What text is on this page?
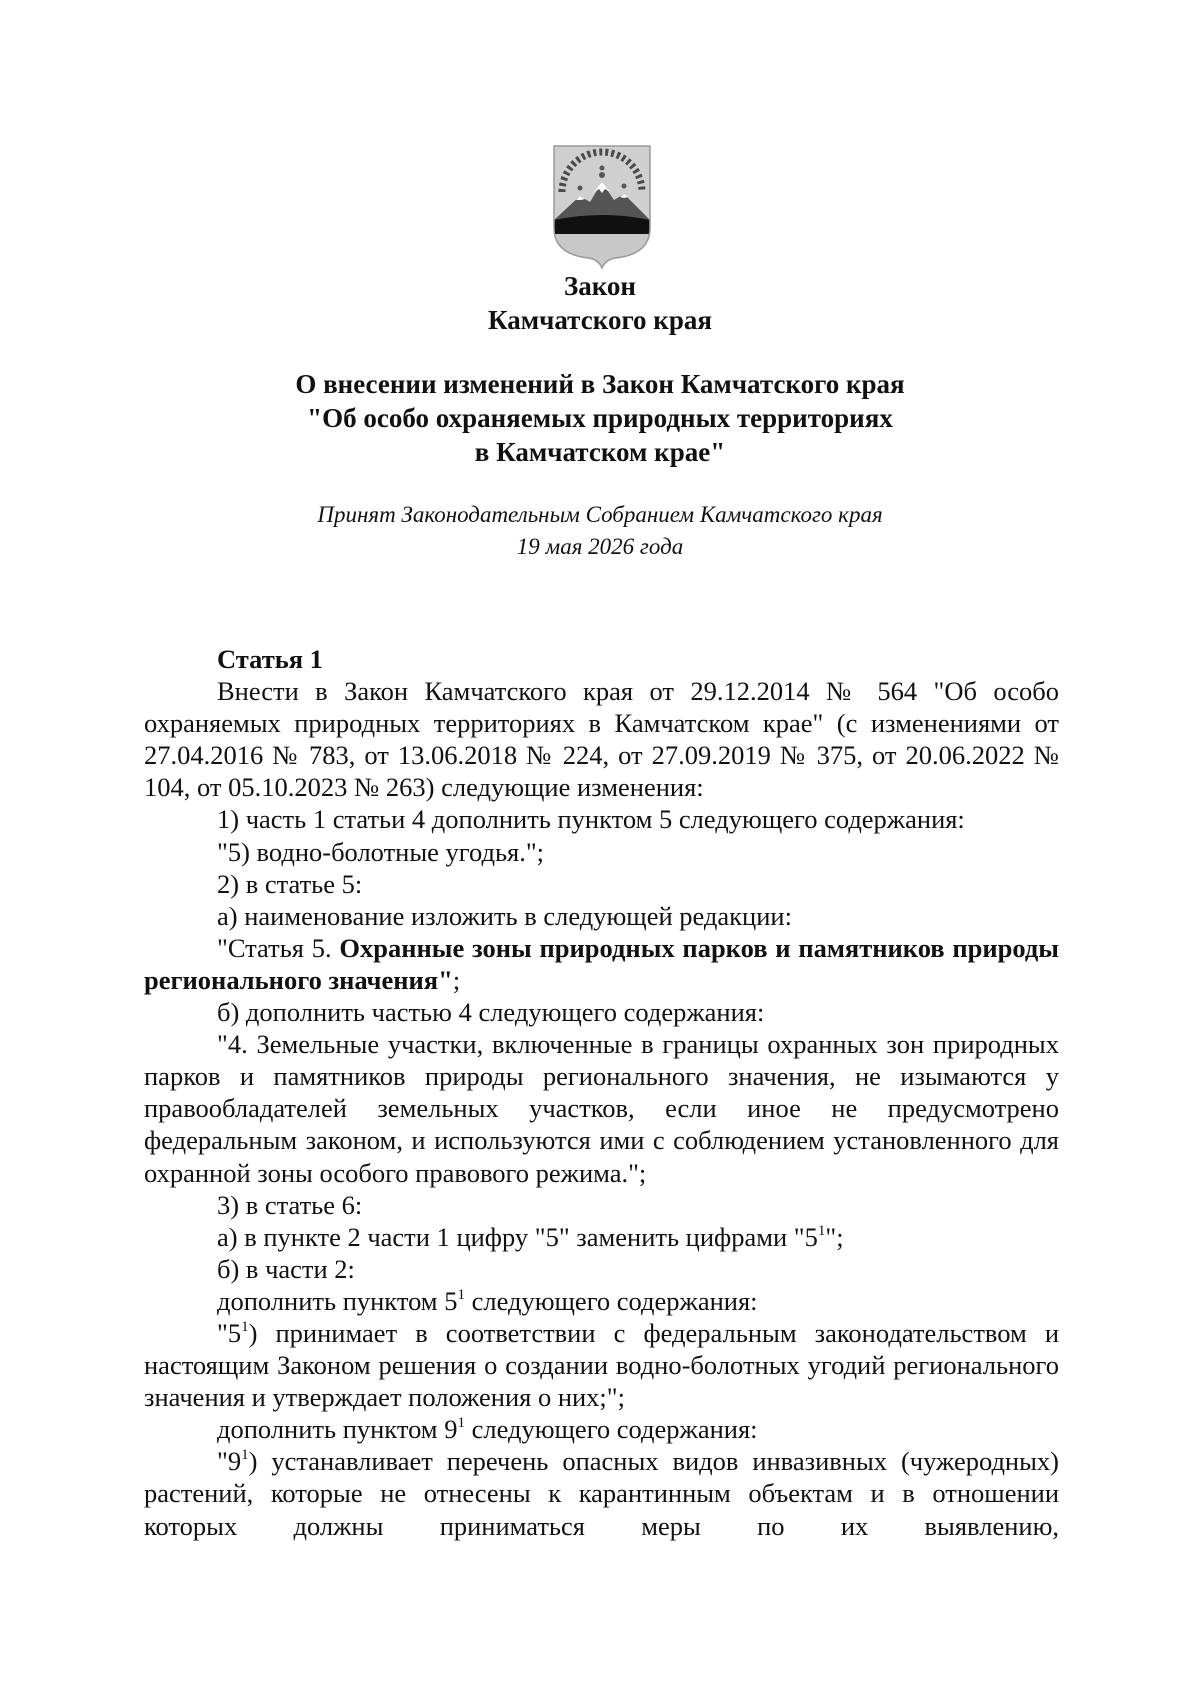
Закон
Камчатского края
О внесении изменений в Закон Камчатского края
"Об особо охраняемых природных территориях
в Камчатском крае"
Принят Законодательным Собранием Камчатского края
19 мая 2026 года

Статья 1

Внести в Закон Камчатского края от 29.12.2014 № 564 "Об особо охраняемых природных территориях в Камчатском крае" (с изменениями от 27.04.2016 № 783, от 13.06.2018 № 224, от 27.09.2019 № 375, от 20.06.2022 № 104, от 05.10.2023 № 263) следующие изменения:

1) часть 1 статьи 4 дополнить пунктом 5 следующего содержания:

"5) водно-болотные угодья.";

2) в статье 5:

а) наименование изложить в следующей редакции:

"Статья 5. Охранные зоны природных парков и памятников природы регионального значения";

б) дополнить частью 4 следующего содержания:

"4. Земельные участки, включенные в границы охранных зон природных парков и памятников природы регионального значения, не изымаются у правообладателей земельных участков, если иное не предусмотрено федеральным законом, и используются ими с соблюдением установленного для охранной зоны особого правового режима.";

3) в статье 6:

а) в пункте 2 части 1 цифру "5" заменить цифрами "$5^1$";

б) в части 2:

дополнить пунктом $5^1$ следующего содержания:

"$5^1$) принимает в соответствии с федеральным законодательством и настоящим Законом решения о создании водно-болотных угодий регионального значения и утверждает положения о них;";

дополнить пунктом $9^1$ следующего содержания:

"$9^1$) устанавливает перечень опасных видов инвазивных (чужеродных) растений, которые не отнесены к карантинным объектам и в отношении которых должны приниматься меры по их выявлению,
